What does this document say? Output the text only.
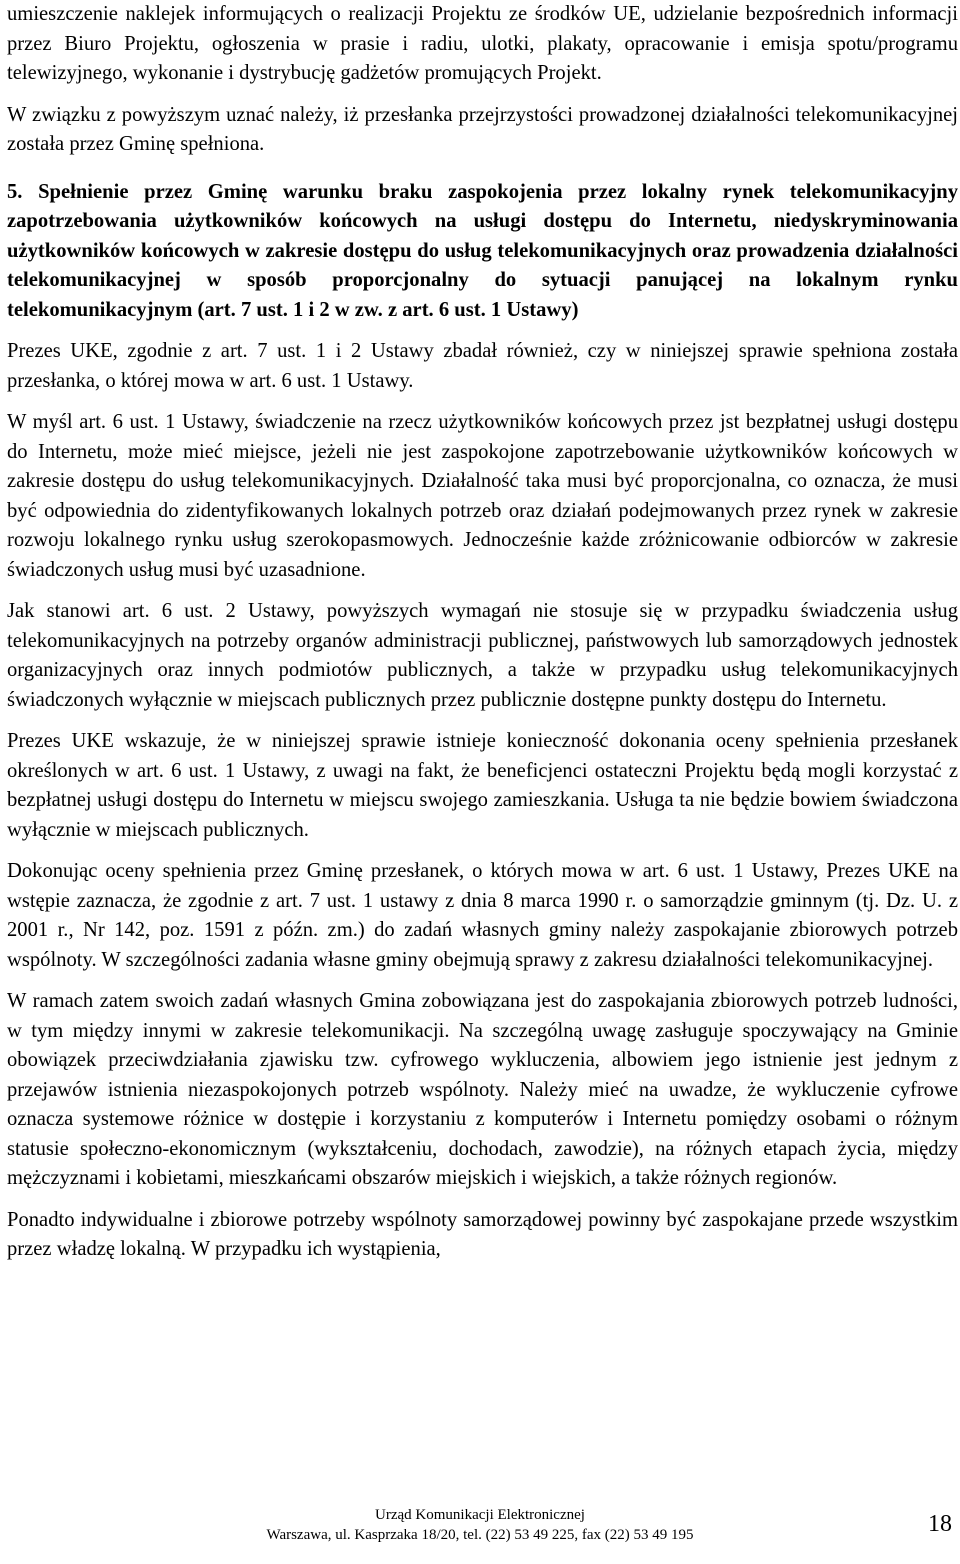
umieszczenie naklejek informujących o realizacji Projektu ze środków UE, udzielanie bezpośrednich informacji przez Biuro Projektu, ogłoszenia w prasie i radiu, ulotki, plakaty, opracowanie i emisja spotu/programu telewizyjnego, wykonanie i dystrybucję gadżetów promujących Projekt.

W związku z powyższym uznać należy, iż przesłanka przejrzystości prowadzonej działalności telekomunikacyjnej została przez Gminę spełniona.

5. Spełnienie przez Gminę warunku braku zaspokojenia przez lokalny rynek telekomunikacyjny zapotrzebowania użytkowników końcowych na usługi dostępu do Internetu, niedyskryminowania użytkowników końcowych w zakresie dostępu do usług telekomunikacyjnych oraz prowadzenia działalności telekomunikacyjnej w sposób proporcjonalny do sytuacji panującej na lokalnym rynku telekomunikacyjnym (art. 7 ust. 1 i 2 w zw. z art. 6 ust. 1 Ustawy)

Prezes UKE, zgodnie z art. 7 ust. 1 i 2 Ustawy zbadał również, czy w niniejszej sprawie spełniona została przesłanka, o której mowa w art. 6 ust. 1 Ustawy.

W myśl art. 6 ust. 1 Ustawy, świadczenie na rzecz użytkowników końcowych przez jst bezpłatnej usługi dostępu do Internetu, może mieć miejsce, jeżeli nie jest zaspokojone zapotrzebowanie użytkowników końcowych w zakresie dostępu do usług telekomunikacyjnych. Działalność taka musi być proporcjonalna, co oznacza, że musi być odpowiednia do zidentyfikowanych lokalnych potrzeb oraz działań podejmowanych przez rynek w zakresie rozwoju lokalnego rynku usług szerokopasmowych. Jednocześnie każde zróżnicowanie odbiorców w zakresie świadczonych usług musi być uzasadnione.

Jak stanowi art. 6 ust. 2 Ustawy, powyższych wymagań nie stosuje się w przypadku świadczenia usług telekomunikacyjnych na potrzeby organów administracji publicznej, państwowych lub samorządowych jednostek organizacyjnych oraz innych podmiotów publicznych, a także w przypadku usług telekomunikacyjnych świadczonych wyłącznie w miejscach publicznych przez publicznie dostępne punkty dostępu do Internetu.

Prezes UKE wskazuje, że w niniejszej sprawie istnieje konieczność dokonania oceny spełnienia przesłanek określonych w art. 6 ust. 1 Ustawy, z uwagi na fakt, że beneficjenci ostateczni Projektu będą mogli korzystać z bezpłatnej usługi dostępu do Internetu w miejscu swojego zamieszkania. Usługa ta nie będzie bowiem świadczona wyłącznie w miejscach publicznych.

Dokonując oceny spełnienia przez Gminę przesłanek, o których mowa w art. 6 ust. 1 Ustawy, Prezes UKE na wstępie zaznacza, że zgodnie z art. 7 ust. 1 ustawy z dnia 8 marca 1990 r. o samorządzie gminnym (tj. Dz. U. z 2001 r., Nr 142, poz. 1591 z późn. zm.) do zadań własnych gminy należy zaspokajanie zbiorowych potrzeb wspólnoty. W szczególności zadania własne gminy obejmują sprawy z zakresu działalności telekomunikacyjnej.

W ramach zatem swoich zadań własnych Gmina zobowiązana jest do zaspokajania zbiorowych potrzeb ludności, w tym między innymi w zakresie telekomunikacji. Na szczególną uwagę zasługuje spoczywający na Gminie obowiązek przeciwdziałania zjawisku tzw. cyfrowego wykluczenia, albowiem jego istnienie jest jednym z przejawów istnienia niezaspokojonych potrzeb wspólnoty. Należy mieć na uwadze, że wykluczenie cyfrowe oznacza systemowe różnice w dostępie i korzystaniu z komputerów i Internetu pomiędzy osobami o różnym statusie społeczno-ekonomicznym (wykształceniu, dochodach, zawodzie), na różnych etapach życia, między mężczyznami i kobietami, mieszkańcami obszarów miejskich i wiejskich, a także różnych regionów.

Ponadto indywidualne i zbiorowe potrzeby wspólnoty samorządowej powinny być zaspokajane przede wszystkim przez władzę lokalną. W przypadku ich wystąpienia,

Urząd Komunikacji Elektronicznej
Warszawa, ul. Kasprzaka 18/20, tel. (22) 53 49 225, fax (22) 53 49 195	18
